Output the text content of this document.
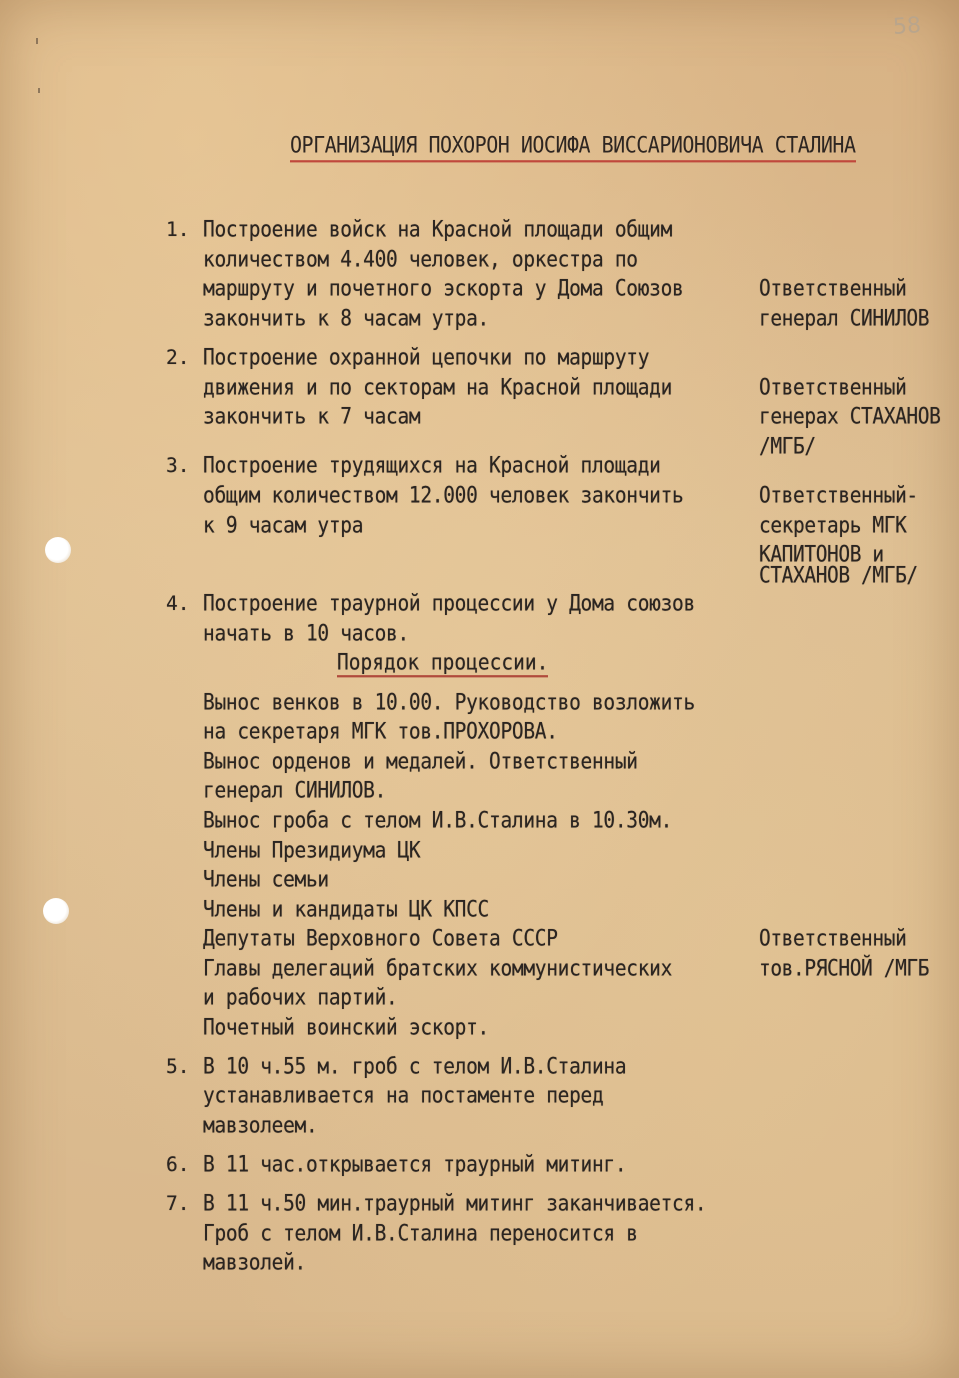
58
ОРГАНИЗАЦИЯ ПОХОРОН ИОСИФА ВИССАРИОНОВИЧА СТАЛИНА
1. Построение войск на Красной площади общим
количеством 4.400 человек, оркестра по
маршруту и почетного эскорта у Дома Союзов
закончить к 8 часам утра.
Ответственный
генерал СИНИЛОВ
2. Построение охранной цепочки по маршруту
движения и по секторам на Красной площади
закончить к 7 часам
Ответственный
генерах СТАХАНОВ
/МГБ/
3. Построение трудящихся на Красной площади
общим количеством 12.000 человек закончить
к 9 часам утра
Ответственный-
секретарь МГК
КАПИТОНОВ и
СТАХАНОВ /МГБ/
4. Построение траурной процессии у Дома союзов
начать в 10 часов.
Порядок процессии.
Вынос венков в 10.00. Руководство возложить
на секретаря МГК тов.ПРОХОРОВА.
Вынос орденов и медалей. Ответственный
генерал СИНИЛОВ.
Вынос гроба с телом И.В.Сталина в 10.30м.
Члены Президиума ЦК
Члены семьи
Члены и кандидаты ЦК КПСС
Депутаты Верховного Совета СССР
Главы делегаций братских коммунистических
и рабочих партий.
Почетный воинский эскорт.
Ответственный
тов.РЯСНОЙ /МГБ
5. В 10 ч.55 м. гроб с телом И.В.Сталина
устанавливается на постаменте перед
мавзолеем.
6. В 11 час.открывается траурный митинг.
7. В 11 ч.50 мин.траурный митинг заканчивается.
Гроб с телом И.В.Сталина переносится в
мавзолей.
